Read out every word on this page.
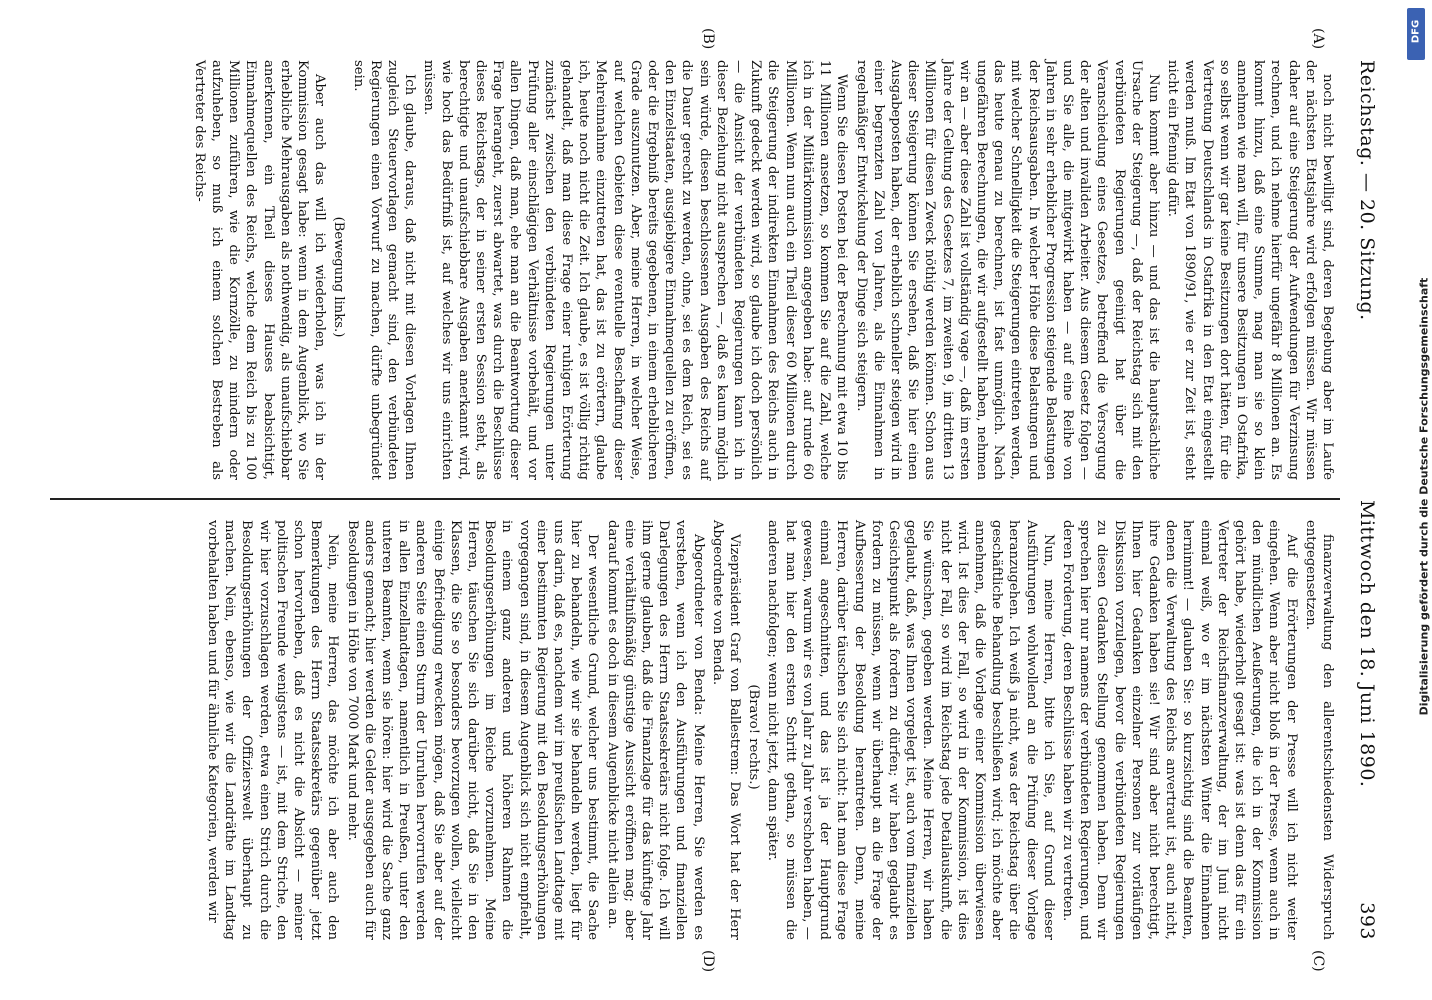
Reichstag. — 20. Sitzung.
Mittwoch den 18. Juni 1890.
393
(A)
(B)
(C)
(D)

noch nicht bewilligt sind, deren Begebung aber im Laufe der nächsten Etatsjahre wird erfolgen müssen. Wir müssen daher auf eine Steigerung der Aufwendungen für Verzinsung rechnen, und ich nehme hierfür ungefähr 8 Millionen an. Es kommt hinzu, daß eine Summe, mag man sie so klein annehmen wie man will, für unsere Besitzungen in Ostafrika, so selbst wenn wir gar keine Besitzungen dort hätten, für die Vertretung Deutschlands in Ostafrika in den Etat eingestellt werden muß. Im Etat von 1890/91, wie er zur Zeit ist, steht nicht ein Pfennig dafür.

Nun kommt aber hinzu — und das ist die hauptsächliche Ursache der Steigerung —, daß der Reichstag sich mit den verbündeten Regierungen geeinigt hat über die Veranschiedung eines Gesetzes, betreffend die Versorgung der alten und invaliden Arbeiter. Aus diesem Gesetz folgen — und Sie alle, die mitgewirkt haben — auf eine Reihe von Jahren in sehr erheblicher Progression steigende Belastungen der Reichsausgaben. In welcher Höhe diese Belastungen und mit welcher Schnelligkeit die Steigerungen eintreten werden, das heute genau zu berechnen, ist fast unmöglich. Nach ungefähren Berechnungen, die wir aufgestellt haben, nehmen wir an — aber diese Zahl ist vollständig vage —, daß im ersten Jahre der Geltung des Gesetzes 7, im zweiten 9, im dritten 13 Millionen für diesen Zweck nöthig werden können. Schon aus dieser Steigerung können Sie ersehen, daß Sie hier einen Ausgabeposten haben, der erheblich schneller steigen wird in einer begrenzten Zahl von Jahren, als die Einnahmen in regelmäßiger Entwickelung der Dinge sich steigern.

Wenn Sie diesen Posten bei der Berechnung mit etwa 10 bis 11 Millionen ansetzen, so kommen Sie auf die Zahl, welche ich in der Militärkommission angegeben habe: auf runde 60 Millionen. Wenn nun auch ein Theil dieser 60 Millionen durch die Steigerung der indirekten Einnahmen des Reichs auch in Zukunft gedeckt werden wird, so glaube ich doch persönlich — die Ansicht der verbündeten Regierungen kann ich in dieser Beziehung nicht aussprechen —, daß es kaum möglich sein würde, diesen beschlossenen Ausgaben des Reichs auf die Dauer gerecht zu werden, ohne, sei es dem Reich, sei es den Einzelstaaten, ausgiebigere Einnahmequellen zu eröffnen, oder die Ergebniß bereits gegebenen, in einem erheblicheren Grade auszunutzen. Aber, meine Herren, in welcher Weise, auf welchen Gebieten diese eventuelle Beschaffung dieser Mehreinnahme einzutreten hat, das ist zu erörtern, glaube ich, heute noch nicht die Zeit. Ich glaube, es ist völlig richtig gehandelt, daß man diese Frage einer ruhigen Erörterung zunächst zwischen den verbündeten Regierungen unter Prüfung aller einschlägigen Verhältnisse vorbehält, und vor allen Dingen, daß man, ehe man an die Beantwortung dieser Frage herangeht, zuerst abwartet, was durch die Beschlüsse dieses Reichstags, der in seiner ersten Session steht, als berechtigte und unaufschiebbare Ausgaben anerkannt wird, wie hoch das Bedürfniß ist, auf welches wir uns einrichten müssen.

Ich glaube, daraus, daß nicht mit diesen Vorlagen Ihnen zugleich Steuervorlagen gemacht sind, den verbündeten Regierungen einen Vorwurf zu machen, dürfte unbegründet sein.

(Bewegung links.)

Aber auch das will ich wiederholen, was ich in der Kommission gesagt habe: wenn in dem Augenblick, wo Sie erhebliche Mehrausgaben als nothwendig, als unaufschiebbar anerkennen, ein Theil dieses Hauses beabsichtigt, Einnahmequellen des Reichs, welche dem Reich bis zu 100 Millionen zuführen, wie die Kornzölle, zu mindern oder aufzuheben, so muß ich einem solchen Bestreben als Vertreter des Reichs-

finanzverwaltung den allerentschiedensten Widerspruch entgegensetzen.

Auf die Erörterungen der Presse will ich nicht weiter eingehen. Wenn aber nicht bloß in der Presse, wenn auch in den mündlichen Aeußerungen, die ich in der Kommission gehört habe, wiederholt gesagt ist: was ist denn das für ein Vertreter der Reichsfinanzverwaltung, der im Juni nicht einmal weiß, wo er im nächsten Winter die Einnahmen hernimmt! — glauben Sie: so kurzsichtig sind die Beamten, denen die Verwaltung des Reichs anvertraut ist, auch nicht, ihre Gedanken haben sie! Wir sind aber nicht berechtigt, Ihnen hier Gedanken einzelner Personen zur vorläufigen Diskussion vorzulegen, bevor die verbündeten Regierungen zu diesen Gedanken Stellung genommen haben. Denn wir sprechen hier nur namens der verbündeten Regierungen, und deren Forderung, deren Beschlüsse haben wir zu vertreten.

Nun, meine Herren, bitte ich Sie, auf Grund dieser Ausführungen wohlwollend an die Prüfung dieser Vorlage heranzugehen. Ich weiß ja nicht, was der Reichstag über die geschäftliche Behandlung beschließen wird; ich möchte aber annehmen, daß die Vorlage einer Kommission überwiesen wird. Ist dies der Fall, so wird in der Kommission, ist dies nicht der Fall, so wird im Reichstag jede Detailauskunft, die Sie wünschen, gegeben werden. Meine Herren, wir haben geglaubt, daß, was Ihnen vorgelegt ist, auch vom finanziellen Gesichtspunkt als fordern zu dürfen; wir haben geglaubt es fordern zu müssen, wenn wir überhaupt an die Frage der Aufbesserung der Besoldung herantreten. Denn, meine Herren, darüber täuschen Sie sich nicht: hat man diese Frage einmal angeschnitten, und das ist ja der Hauptgrund gewesen, warum wir es von Jahr zu Jahr verschoben haben, — hat man hier den ersten Schritt gethan, so müssen die anderen nachfolgen; wenn nicht jetzt, dann später.

(Bravo! rechts.)

Vizepräsident Graf von Ballestrem: Das Wort hat der Herr Abgeordnete von Benda.

Abgeordneter von Benda: Meine Herren, Sie werden es verstehen, wenn ich den Ausführungen und finanziellen Darlegungen des Herrn Staatssekretärs nicht folge. Ich will ihm gerne glauben, daß die Finanzlage für das künftige Jahr eine verhältnißmäßig günstige Aussicht eröffnen mag; aber darauf kommt es doch in diesem Augenblicke nicht allein an.

Der wesentliche Grund, welcher uns bestimmt, die Sache hier zu behandeln, wie wir sie behandeln werden, liegt für uns darin, daß es, nachdem wir im preußischen Landtage mit einer bestimmten Regierung mit den Besoldungserhöhungen vorgegangen sind, in diesem Augenblick sich nicht empfiehlt, in einem ganz anderen und höheren Rahmen die Besoldungserhöhungen im Reiche vorzunehmen. Meine Herren, täuschen Sie sich darüber nicht, daß Sie in den Klassen, die Sie so besonders bevorzugen wollen, vielleicht einige Befriedigung erwecken mögen, daß Sie aber auf der anderen Seite einen Sturm der Unruhen hervorrufen werden in allen Einzellandtagen, namentlich in Preußen, unter den unteren Beamten, wenn sie hören: hier wird die Sache ganz anders gemacht; hier werden die Gelder ausgegeben auch für Besoldungen in Höhe von 7000 Mark und mehr.

Nein, meine Herren, das möchte ich aber auch den Bemerkungen des Herrn Staatssekretärs gegenüber jetzt schon hervorheben, daß es nicht die Absicht — meiner politischen Freunde wenigstens — ist, mit dem Striche, den wir hier vorzuschlagen werden, etwa einen Strich durch die Besoldungserhöhungen der Offizierswelt überhaupt zu machen. Nein, ebenso, wie wir die Landräthe im Landtag vorbehalten haben und für ähnliche Kategorien, werden wir

DFG
Digitalisierung gefördert durch die Deutsche Forschungsgemeinschaft
